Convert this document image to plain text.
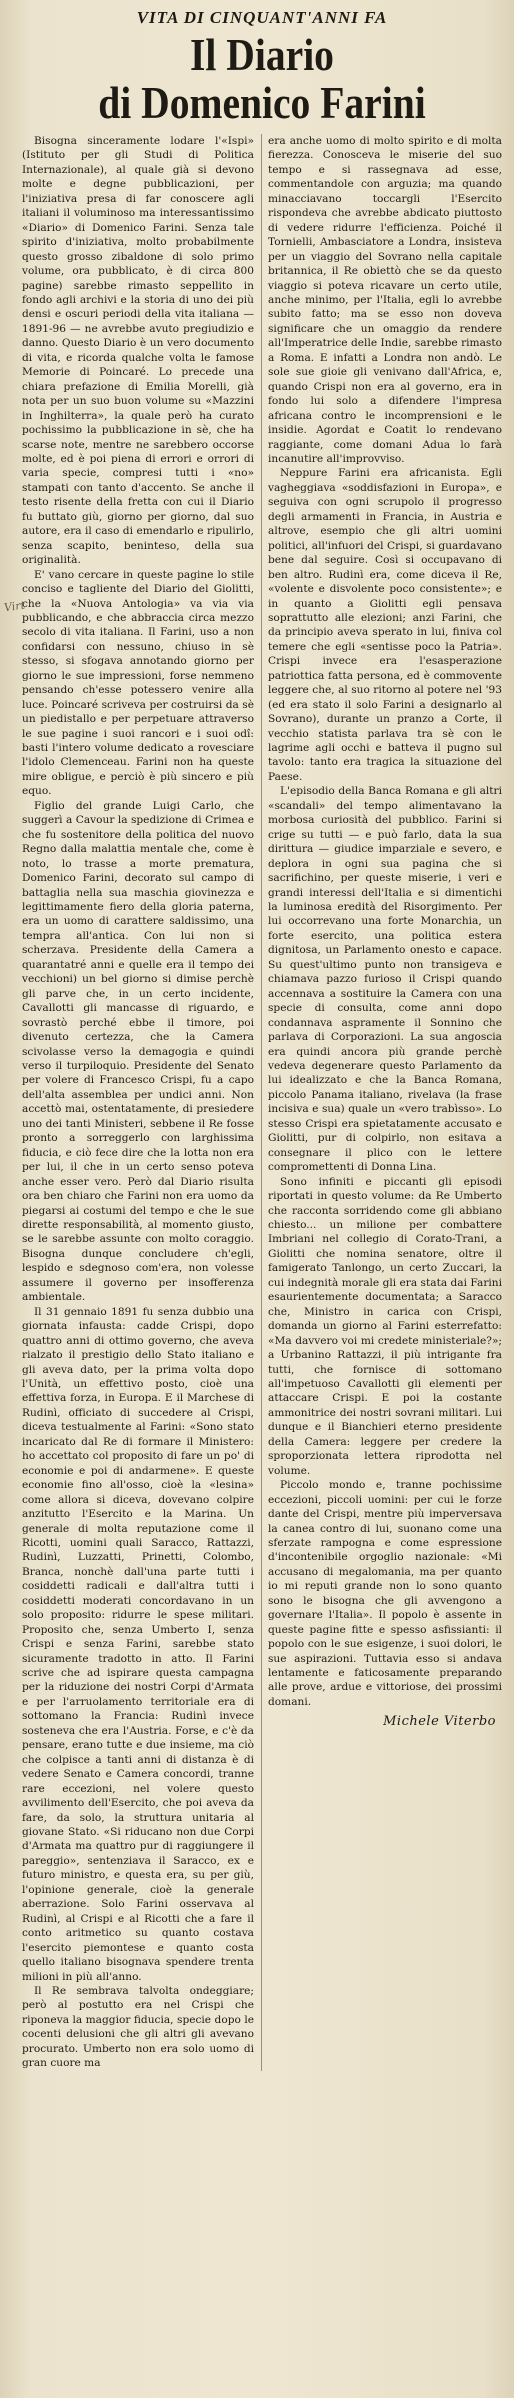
Virt
VITA DI CINQUANT'ANNI FA
Il Diario
di Domenico Farini

Bisogna sinceramente lodare l'«Ispi» (Istituto per gli Studi di Politica Internazionale), al quale già si devono molte e degne pubblicazioni, per l'iniziativa presa di far conoscere agli italiani il voluminoso ma interessantissimo «Diario» di Domenico Farini. Senza tale spirito d'iniziativa, molto probabilmente questo grosso zibaldone di solo primo volume, ora pubblicato, è di circa 800 pagine) sarebbe rimasto seppellito in fondo agli archivi e la storia di uno dei più densi e oscuri periodi della vita italiana — 1891-96 — ne avrebbe avuto pregiudizio e danno. Questo Diario è un vero documento di vita, e ricorda qualche volta le famose Memorie di Poincaré. Lo precede una chiara prefazione di Emilia Morelli, già nota per un suo buon volume su «Mazzini in Inghilterra», la quale però ha curato pochissimo la pubblicazione in sè, che ha scarse note, mentre ne sarebbero occorse molte, ed è poi piena di errori e orrori di varia specie, compresi tutti i «no» stampati con tanto d'accento. Se anche il testo risente della fretta con cui il Diario fu buttato giù, giorno per giorno, dal suo autore, era il caso di emendarlo e ripulirlo, senza scapito, beninteso, della sua originalità.

E' vano cercare in queste pagine lo stile conciso e tagliente del Diario del Giolitti, che la «Nuova Antologia» va via via pubblicando, e che abbraccia circa mezzo secolo di vita italiana. Il Farini, uso a non confidarsi con nessuno, chiuso in sè stesso, si sfogava annotando giorno per giorno le sue impressioni, forse nemmeno pensando ch'esse potessero venire alla luce. Poincaré scriveva per costruirsi da sè un piedistallo e per perpetuare attraverso le sue pagine i suoi rancori e i suoi odî: basti l'intero volume dedicato a rovesciare l'idolo Clemenceau. Farini non ha queste mire obligue, e perciò è più sincero e più equo.

Figlio del grande Luigi Carlo, che suggerì a Cavour la spedizione di Crimea e che fu sostenitore della politica del nuovo Regno dalla malattia mentale che, come è noto, lo trasse a morte prematura, Domenico Farini, decorato sul campo di battaglia nella sua maschia giovinezza e legittimamente fiero della gloria paterna, era un uomo di carattere saldissimo, una tempra all'antica. Con lui non si scherzava. Presidente della Camera a quarantatré anni e quelle era il tempo dei vecchioni) un bel giorno si dimise perchè gli parve che, in un certo incidente, Cavallotti gli mancasse di riguardo, e sovrastò perché ebbe il timore, poi divenuto certezza, che la Camera scivolasse verso la demagogia e quindi verso il turpiloquio. Presidente del Senato per volere di Francesco Crispi, fu a capo dell'alta assemblea per undici anni. Non accettò mai, ostentatamente, di presiedere uno dei tanti Ministeri, sebbene il Re fosse pronto a sorreggerlo con larghissima fiducia, e ciò fece dire che la lotta non era per lui, il che in un certo senso poteva anche esser vero. Però dal Diario risulta ora ben chiaro che Farini non era uomo da piegarsi ai costumi del tempo e che le sue dirette responsabilità, al momento giusto, se le sarebbe assunte con molto coraggio. Bisogna dunque concludere ch'egli, lespido e sdegnoso com'era, non volesse assumere il governo per insofferenza ambientale.

Il 31 gennaio 1891 fu senza dubbio una giornata infausta: cadde Crispi, dopo quattro anni di ottimo governo, che aveva rialzato il prestigio dello Stato italiano e gli aveva dato, per la prima volta dopo l'Unità, un effettivo posto, cioè una effettiva forza, in Europa. E il Marchese di Rudinì, officiato di succedere al Crispi, diceva testualmente al Farini: «Sono stato incaricato dal Re di formare il Ministero: ho accettato col proposito di fare un po' di economie e poi di andarmene». E queste economie fino all'osso, cioè la «lesina» come allora si diceva, dovevano colpire anzitutto l'Esercito e la Marina. Un generale di molta reputazione come il Ricotti, uomini quali Saracco, Rattazzi, Rudinì, Luzzatti, Prinetti, Colombo, Branca, nonchè dall'una parte tutti i cosiddetti radicali e dall'altra tutti i cosiddetti moderati concordavano in un solo proposito: ridurre le spese militari. Proposito che, senza Umberto I, senza Crispi e senza Farini, sarebbe stato sicuramente tradotto in atto. Il Farini scrive che ad ispirare questa campagna per la riduzione dei nostri Corpi d'Armata e per l'arruolamento territoriale era di sottomano la Francia: Rudinì invece sosteneva che era l'Austria. Forse, e c'è da pensare, erano tutte e due insieme, ma ciò che colpisce a tanti anni di distanza è di vedere Senato e Camera concordi, tranne rare eccezioni, nel volere questo avvilimento dell'Esercito, che poi aveva da fare, da solo, la struttura unitaria al giovane Stato. «Si riducano non due Corpi d'Armata ma quattro pur di raggiungere il pareggio», sentenziava il Saracco, ex e futuro ministro, e questa era, su per giù, l'opinione generale, cioè la generale aberrazione. Solo Farini osservava al Rudinì, al Crispi e al Ricotti che a fare il conto aritmetico su quanto costava l'esercito piemontese e quanto costa quello italiano bisognava spendere trenta milioni in più all'anno.

Il Re sembrava talvolta ondeggiare; però al postutto era nel Crispi che riponeva la maggior fiducia, specie dopo le cocenti delusioni che gli altri gli avevano procurato. Umberto non era solo uomo di gran cuore ma

era anche uomo di molto spirito e di molta fierezza. Conosceva le miserie del suo tempo e si rassegnava ad esse, commentandole con arguzia; ma quando minacciavano toccargli l'Esercito rispondeva che avrebbe abdicato piuttosto di vedere ridurre l'efficienza. Poiché il Tornielli, Ambasciatore a Londra, insisteva per un viaggio del Sovrano nella capitale britannica, il Re obiettò che se da questo viaggio si poteva ricavare un certo utile, anche minimo, per l'Italia, egli lo avrebbe subito fatto; ma se esso non doveva significare che un omaggio da rendere all'Imperatrice delle Indie, sarebbe rimasto a Roma. E infatti a Londra non andò. Le sole sue gioie gli venivano dall'Africa, e, quando Crispi non era al governo, era in fondo lui solo a difendere l'impresa africana contro le incomprensioni e le insidie. Agordat e Coatit lo rendevano raggiante, come domani Adua lo farà incanutire all'improvviso.

Neppure Farini era africanista. Egli vagheggiava «soddisfazioni in Europa», e seguiva con ogni scrupolo il progresso degli armamenti in Francia, in Austria e altrove, esempio che gli altri uomini politici, all'infuori del Crispi, si guardavano bene dal seguire. Così si occupavano di ben altro. Rudinì era, come diceva il Re, «volente e disvolente poco consistente»; e in quanto a Giolitti egli pensava soprattutto alle elezioni; anzi Farini, che da principio aveva sperato in lui, finiva col temere che egli «sentisse poco la Patria». Crispi invece era l'esasperazione patriottica fatta persona, ed è commovente leggere che, al suo ritorno al potere nel '93 (ed era stato il solo Farini a designarlo al Sovrano), durante un pranzo a Corte, il vecchio statista parlava tra sè con le lagrime agli occhi e batteva il pugno sul tavolo: tanto era tragica la situazione del Paese.

L'episodio della Banca Romana e gli altri «scandali» del tempo alimentavano la morbosa curiosità del pubblico. Farini si crige su tutti — e può farlo, data la sua dirittura — giudice imparziale e severo, e deplora in ogni sua pagina che si sacrifichino, per queste miserie, i veri e grandi interessi dell'Italia e si dimentichi la luminosa eredità del Risorgimento. Per lui occorrevano una forte Monarchia, un forte esercito, una politica estera dignitosa, un Parlamento onesto e capace. Su quest'ultimo punto non transigeva e chiamava pazzo furioso il Crispi quando accennava a sostituire la Camera con una specie di consulta, come anni dopo condannava aspramente il Sonnino che parlava di Corporazioni. La sua angoscia era quindi ancora più grande perchè vedeva degenerare questo Parlamento da lui idealizzato e che la Banca Romana, piccolo Panama italiano, rivelava (la frase incisiva e sua) quale un «vero trabìsso». Lo stesso Crispi era spietatamente accusato e Giolitti, pur di colpirlo, non esitava a consegnare il plico con le lettere compromettenti di Donna Lina.

Sono infiniti e piccanti gli episodi riportati in questo volume: da Re Umberto che racconta sorridendo come gli abbiano chiesto... un milione per combattere Imbriani nel collegio di Corato-Trani, a Giolitti che nomina senatore, oltre il famigerato Tanlongo, un certo Zuccari, la cui indegnità morale gli era stata dai Farini esaurientemente documentata; a Saracco che, Ministro in carica con Crispi, domanda un giorno al Farini esterrefatto: «Ma davvero voi mi credete ministeriale?»; a Urbanino Rattazzi, il più intrigante fra tutti, che fornisce di sottomano all'impetuoso Cavallotti gli elementi per attaccare Crispi. E poi la costante ammonitrice dei nostri sovrani militari. Lui dunque e il Bianchieri eterno presidente della Camera: leggere per credere la sproporzionata lettera riprodotta nel volume.

Piccolo mondo e, tranne pochissime eccezioni, piccoli uomini: per cui le forze dante del Crispi, mentre più imperversava la canea contro di lui, suonano come una sferzate rampogna e come espressione d'incontenibile orgoglio nazionale: «Mi accusano di megalomania, ma per quanto io mi reputi grande non lo sono quanto sono le bisogna che gli avvengono a governare l'Italia». Il popolo è assente in queste pagine fitte e spesso asfissianti: il popolo con le sue esigenze, i suoi dolori, le sue aspirazioni. Tuttavia esso si andava lentamente e faticosamente preparando alle prove, ardue e vittoriose, dei prossimi domani.

Michele Viterbo
